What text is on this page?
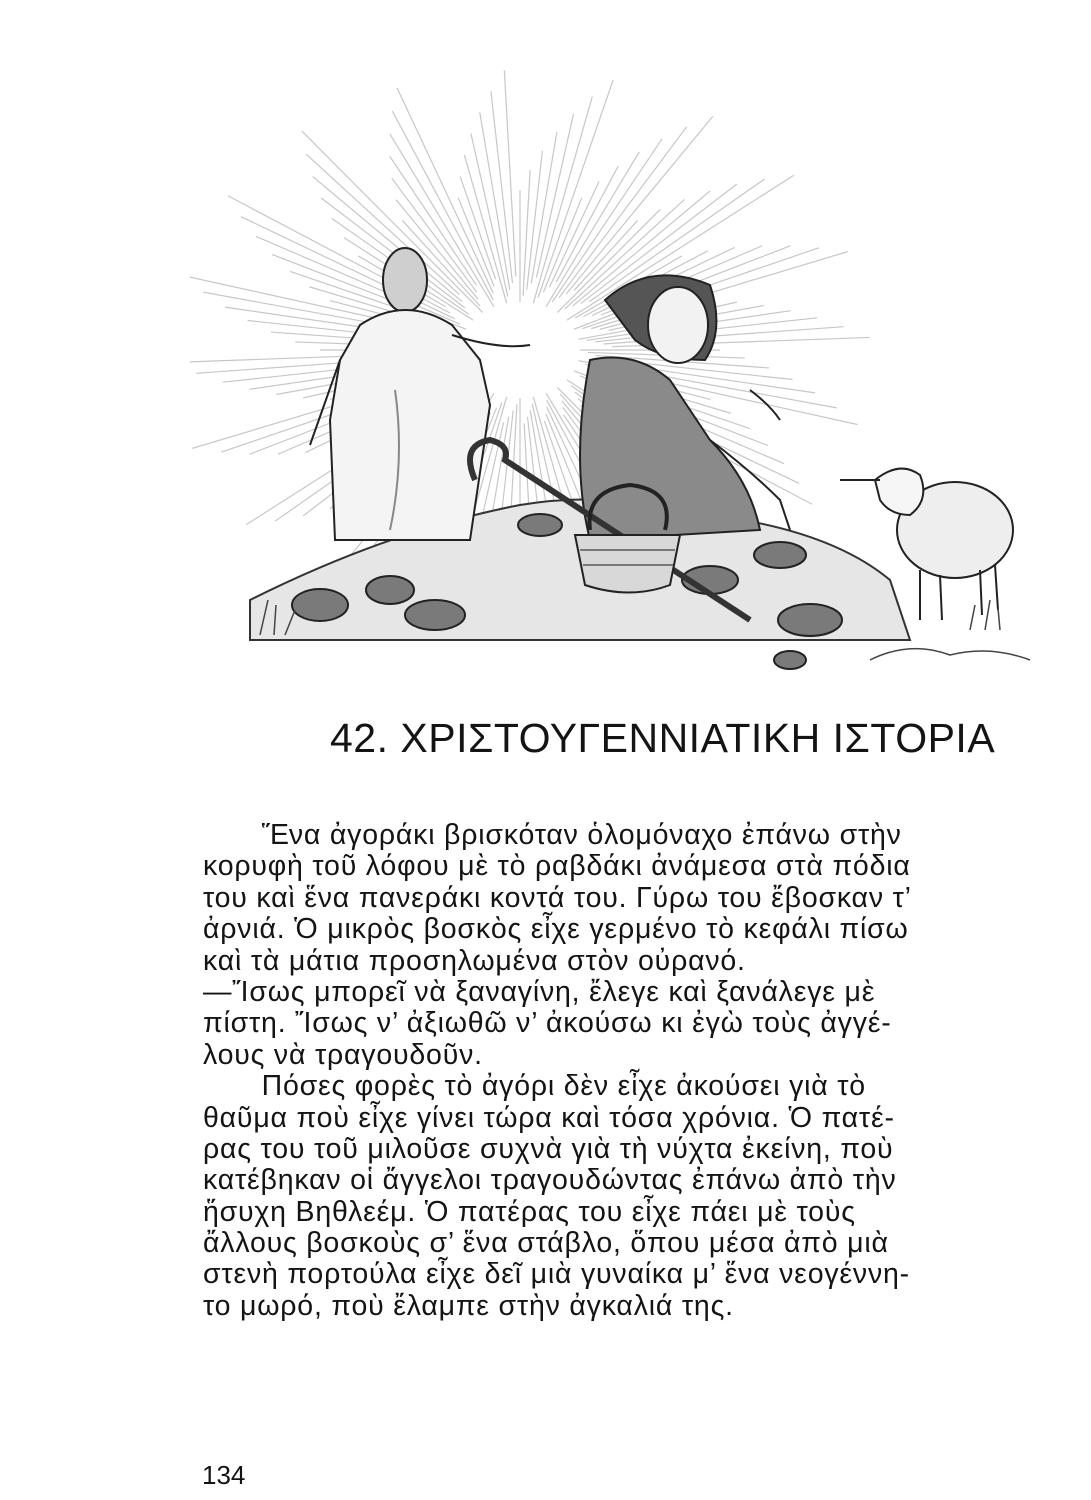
42. ΧΡΙΣΤΟΥΓΕΝΝΙΑΤΙΚΗ ΙΣΤΟΡΙΑ
  Ἕνα ἀγοράκι βρισκόταν ὁλομόναχο ἐπάνω στὴν
κορυφὴ τοῦ λόφου μὲ τὸ ραβδάκι ἀνάμεσα στὰ πόδια
του καὶ ἕνα πανεράκι κοντά του. Γύρω του ἔβοσκαν τ’
ἀρνιά. Ὁ μικρὸς βοσκὸς εἶχε γερμένο τὸ κεφάλι πίσω
καὶ τὰ μάτια προσηλωμένα στὸν οὐρανό.
—Ἴσως μπορεῖ νὰ ξαναγίνη, ἔλεγε καὶ ξανάλεγε μὲ
πίστη. Ἴσως ν’ ἀξιωθῶ ν’ ἀκούσω κι ἐγὼ τοὺς ἀγγέ-
λους νὰ τραγουδοῦν.
  Πόσες φορὲς τὸ ἀγόρι δὲν εἶχε ἀκούσει γιὰ τὸ
θαῦμα ποὺ εἶχε γίνει τώρα καὶ τόσα χρόνια. Ὁ πατέ-
ρας του τοῦ μιλοῦσε συχνὰ γιὰ τὴ νύχτα ἐκείνη, ποὺ
κατέβηκαν οἱ ἄγγελοι τραγουδώντας ἐπάνω ἀπὸ τὴν
ἥσυχη Βηθλεέμ. Ὁ πατέρας του εἶχε πάει μὲ τοὺς
ἄλλους βοσκοὺς σ’ ἕνα στάβλο, ὅπου μέσα ἀπὸ μιὰ
στενὴ πορτούλα εἶχε δεῖ μιὰ γυναίκα μ’ ἕνα νεογέννη-
το μωρό, ποὺ ἔλαμπε στὴν ἀγκαλιά της.
134
